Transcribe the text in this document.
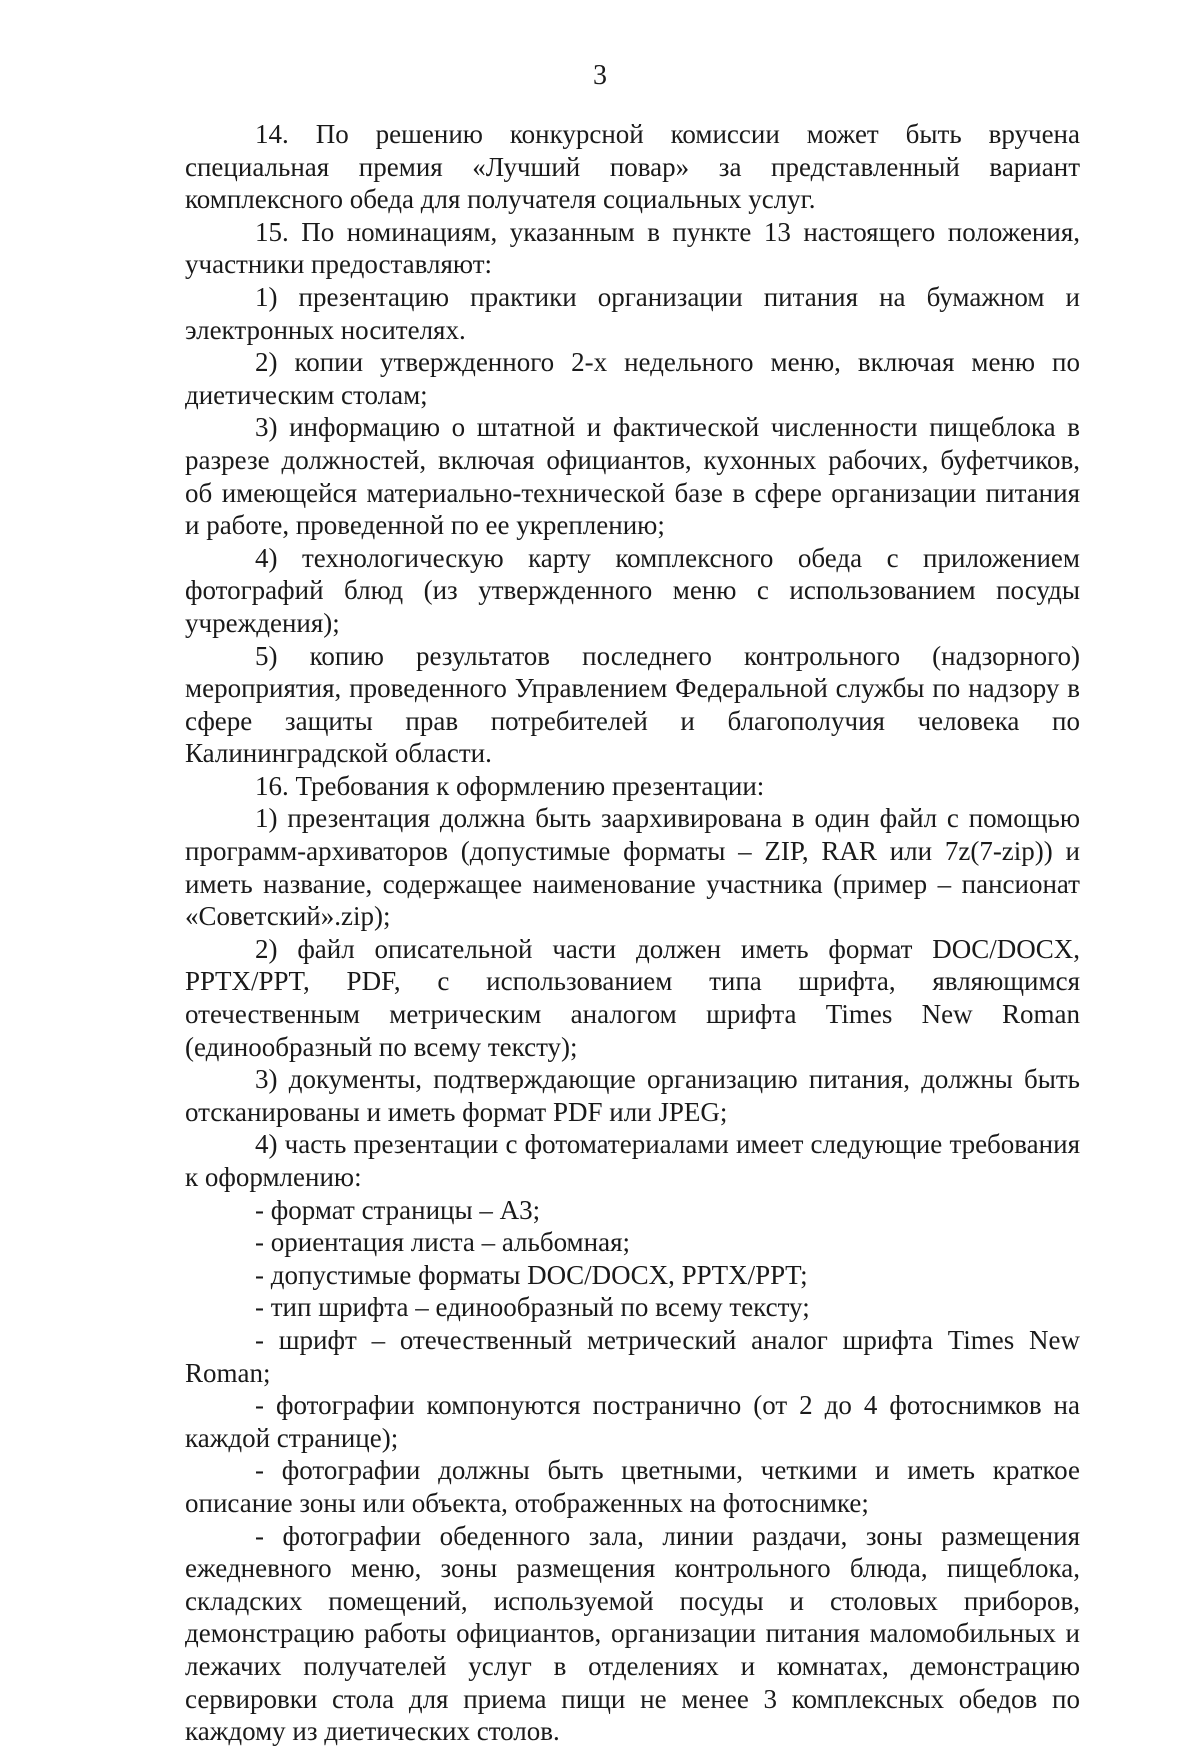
3

14. По решению конкурсной комиссии может быть вручена специальная премия «Лучший повар» за представленный вариант комплексного обеда для получателя социальных услуг.

15. По номинациям, указанным в пункте 13 настоящего положения, участники предоставляют:

1) презентацию практики организации питания на бумажном и электронных носителях.

2) копии утвержденного 2-х недельного меню, включая меню по диетическим столам;

3) информацию о штатной и фактической численности пищеблока в разрезе должностей, включая официантов, кухонных рабочих, буфетчиков, об имеющейся материально-технической базе в сфере организации питания и работе, проведенной по ее укреплению;

4) технологическую карту комплексного обеда с приложением фотографий блюд (из утвержденного меню с использованием посуды учреждения);

5) копию результатов последнего контрольного (надзорного) мероприятия, проведенного Управлением Федеральной службы по надзору в сфере защиты прав потребителей и благополучия человека по Калининградской области.

16. Требования к оформлению презентации:

1) презентация должна быть заархивирована в один файл с помощью программ-архиваторов (допустимые форматы – ZIP, RAR или 7z(7-zip)) и иметь название, содержащее наименование участника (пример – пансионат «Советский».zip);

2) файл описательной части должен иметь формат DOC/DOCX, PPTX/PPT, PDF, с использованием типа шрифта, являющимся отечественным метрическим аналогом шрифта Times New Roman (единообразный по всему тексту);

3) документы, подтверждающие организацию питания, должны быть отсканированы и иметь формат PDF или JPEG;

4) часть презентации с фотоматериалами имеет следующие требования к оформлению:

- формат страницы – А3;

- ориентация листа – альбомная;

- допустимые форматы DOC/DOCX, PPTX/PPT;

- тип шрифта – единообразный по всему тексту;

- шрифт – отечественный метрический аналог шрифта Times New Roman;

- фотографии компонуются постранично (от 2 до 4 фотоснимков на каждой странице);

- фотографии должны быть цветными, четкими и иметь краткое описание зоны или объекта, отображенных на фотоснимке;

- фотографии обеденного зала, линии раздачи, зоны размещения ежедневного меню, зоны размещения контрольного блюда, пищеблока, складских помещений, используемой посуды и столовых приборов, демонстрацию работы официантов, организации питания маломобильных и лежачих получателей услуг в отделениях и комнатах, демонстрацию сервировки стола для приема пищи не менее 3 комплексных обедов по каждому из диетических столов.
